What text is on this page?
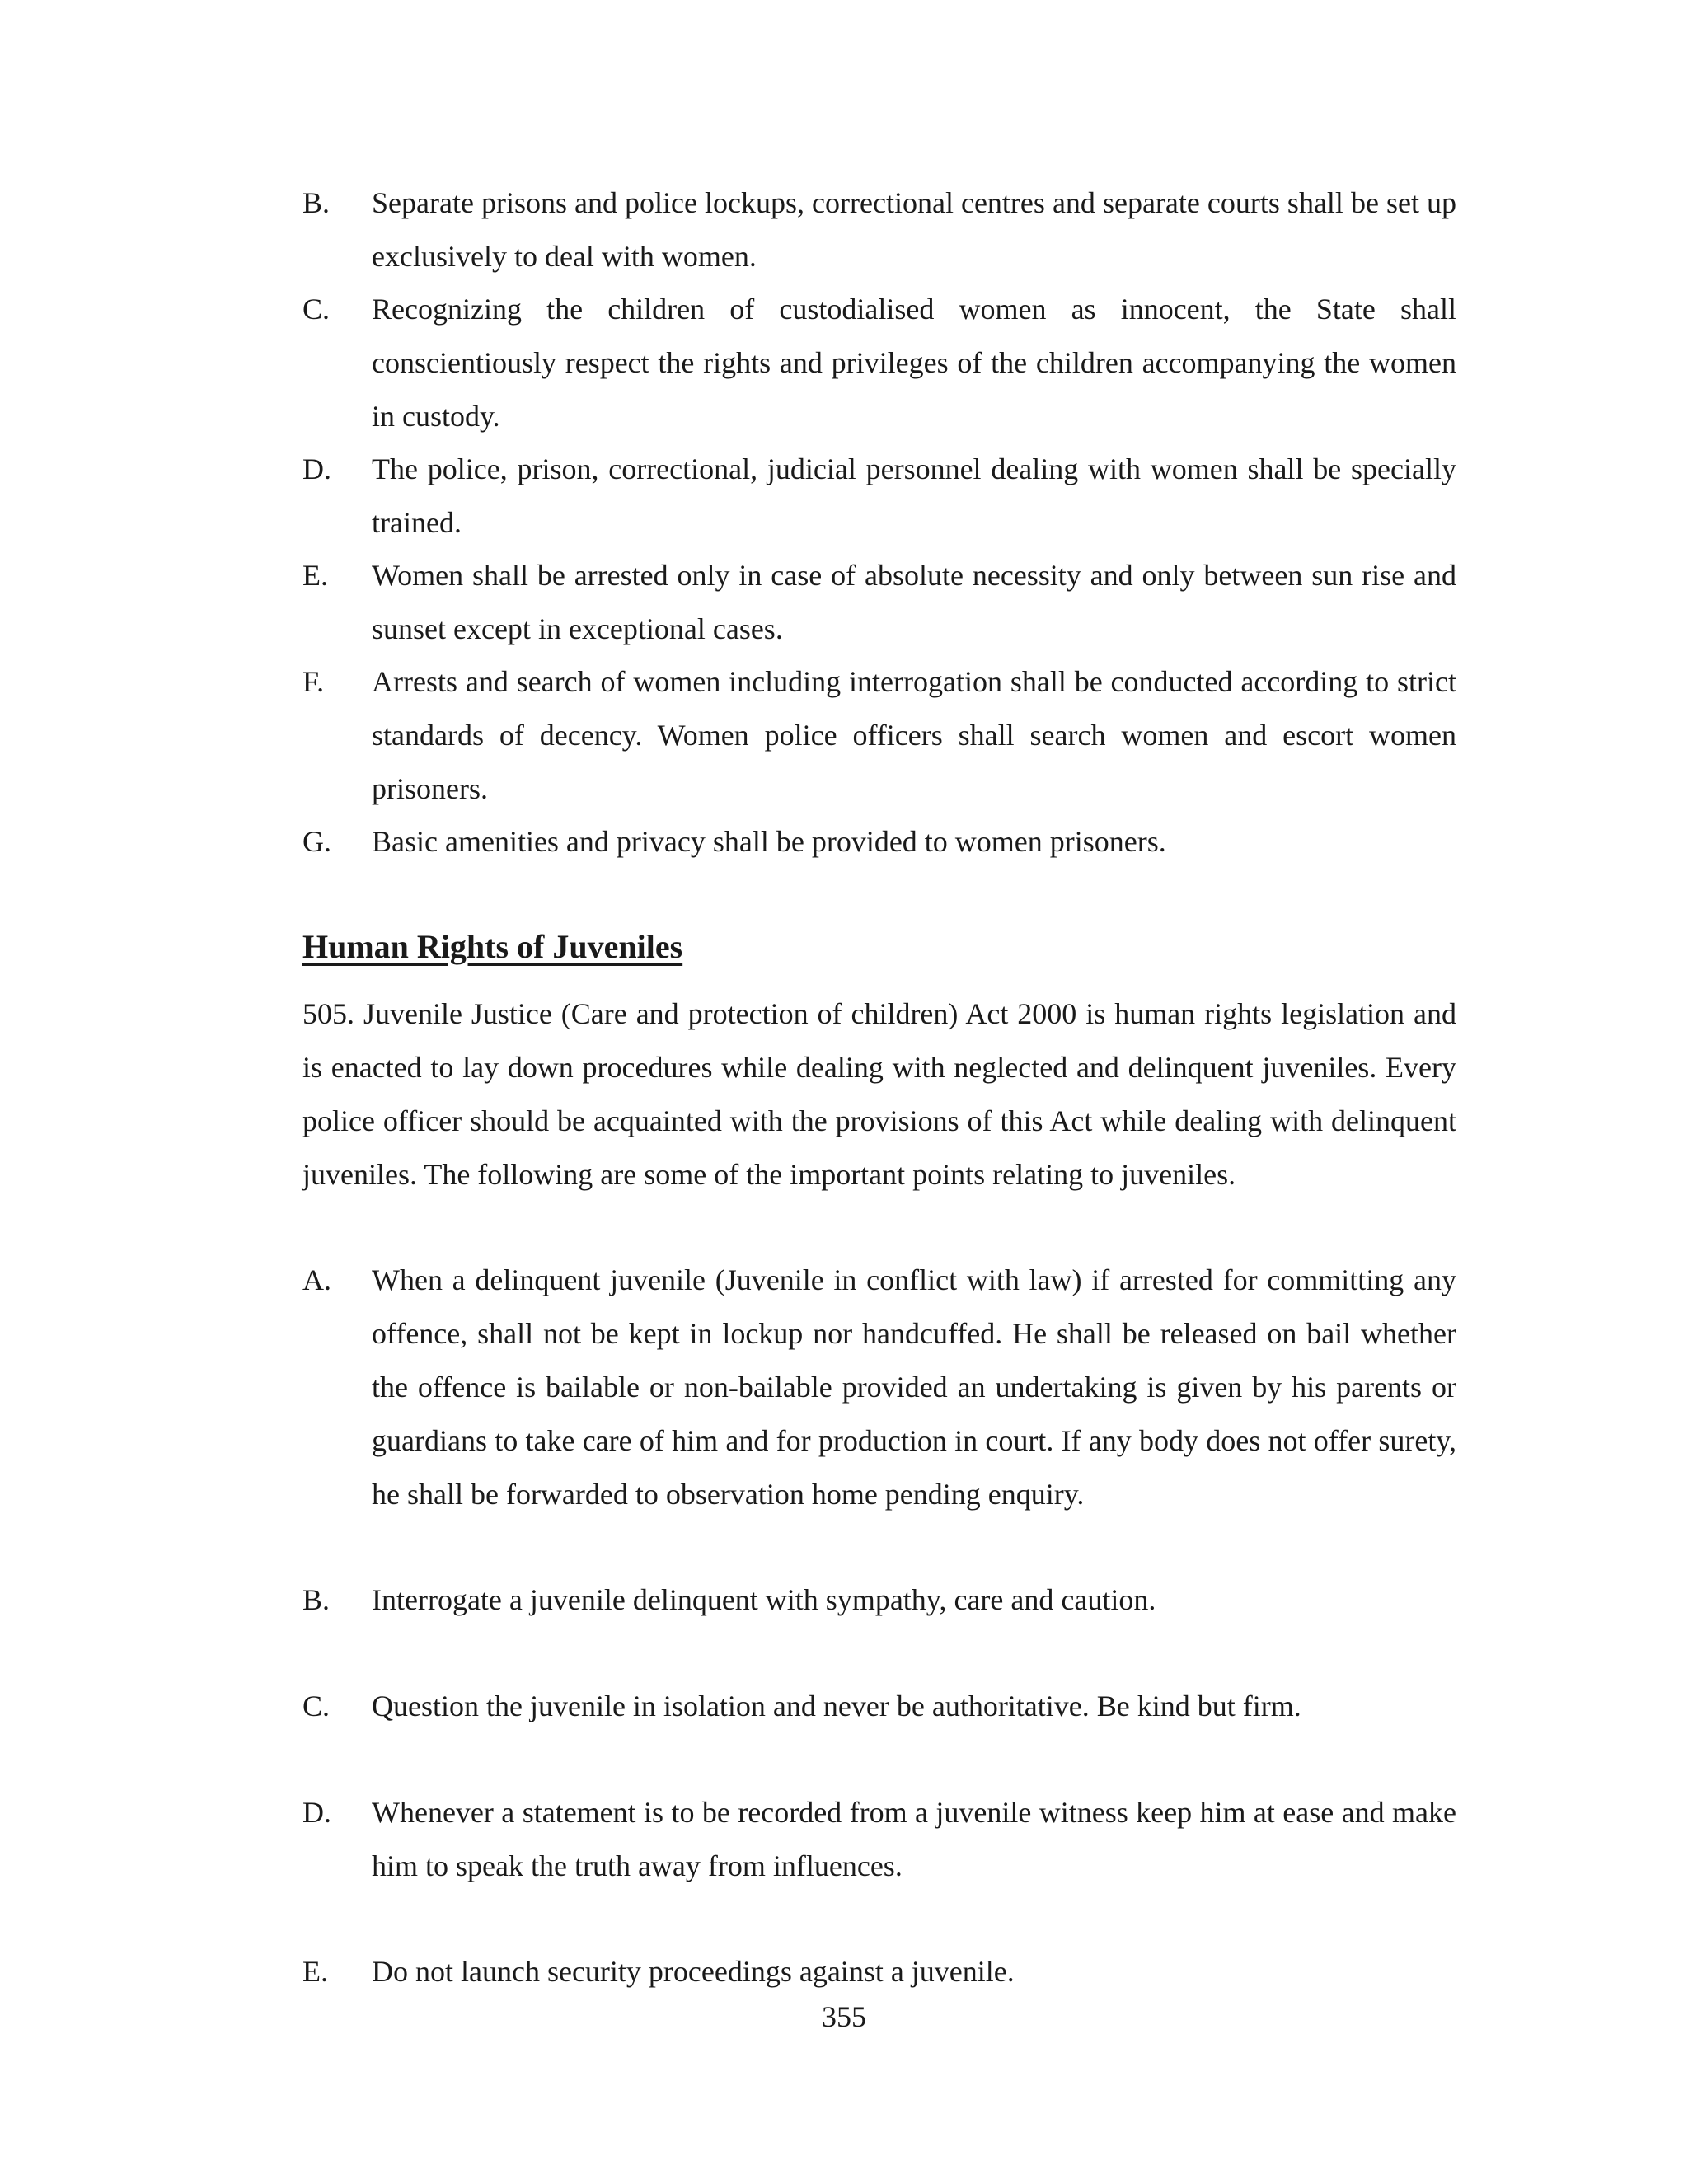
B. Separate prisons and police lockups, correctional centres and separate courts shall be set up exclusively to deal with women.
C. Recognizing the children of custodialised women as innocent, the State shall conscientiously respect the rights and privileges of the children accompanying the women in custody.
D. The police, prison, correctional, judicial personnel dealing with women shall be specially trained.
E. Women shall be arrested only in case of absolute necessity and only between sun rise and sunset except in exceptional cases.
F. Arrests and search of women including interrogation shall be conducted according to strict standards of decency. Women police officers shall search women and escort women prisoners.
G. Basic amenities and privacy shall be provided to women prisoners.
Human Rights of Juveniles
505. Juvenile Justice (Care and protection of children) Act 2000 is human rights legislation and is enacted to lay down procedures while dealing with neglected and delinquent juveniles. Every police officer should be acquainted with the provisions of this Act while dealing with delinquent juveniles. The following are some of the important points relating to juveniles.
A. When a delinquent juvenile (Juvenile in conflict with law) if arrested for committing any offence, shall not be kept in lockup nor handcuffed. He shall be released on bail whether the offence is bailable or non-bailable provided an undertaking is given by his parents or guardians to take care of him and for production in court. If any body does not offer surety, he shall be forwarded to observation home pending enquiry.
B. Interrogate a juvenile delinquent with sympathy, care and caution.
C. Question the juvenile in isolation and never be authoritative. Be kind but firm.
D. Whenever a statement is to be recorded from a juvenile witness keep him at ease and make him to speak the truth away from influences.
E. Do not launch security proceedings against a juvenile.
355
